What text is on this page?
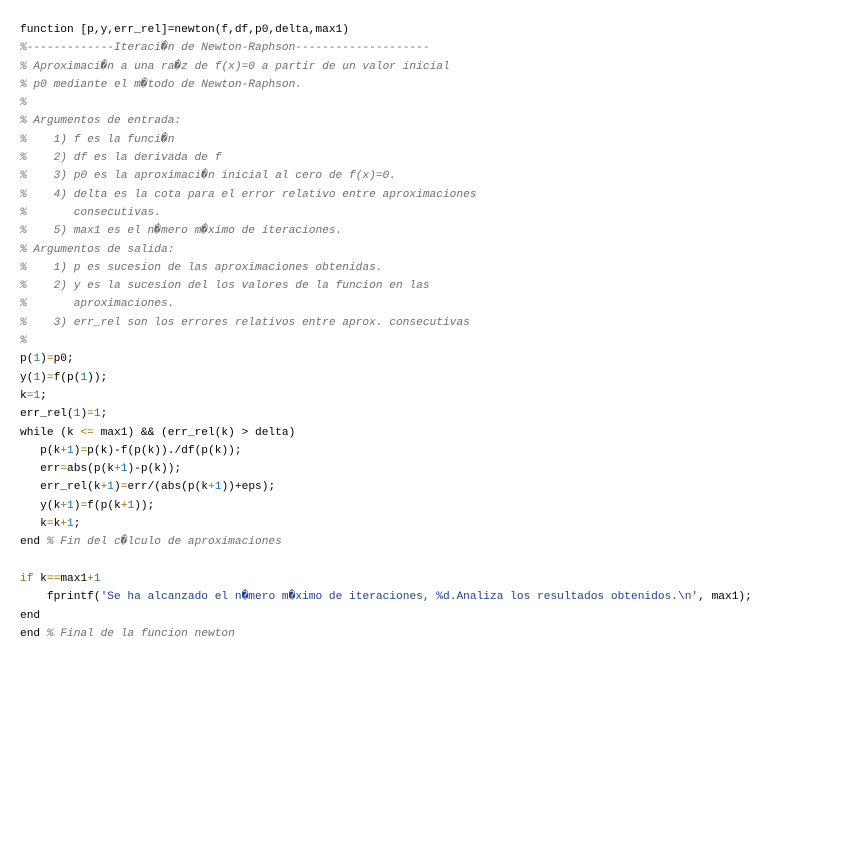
function [p,y,err_rel]=newton(f,df,p0,delta,max1)
%-------------Iteraci�n de Newton-Raphson--------------------
% Aproximaci�n a una ra�z de f(x)=0 a partir de un valor inicial
% p0 mediante el m�todo de Newton-Raphson.
%
% Argumentos de entrada:
%    1) f es la funci�n
%    2) df es la derivada de f
%    3) p0 es la aproximaci�n inicial al cero de f(x)=0.
%    4) delta es la cota para el error relativo entre aproximaciones
%       consecutivas.
%    5) max1 es el n�mero m�ximo de iteraciones.
% Argumentos de salida:
%    1) p es sucesion de las aproximaciones obtenidas.
%    2) y es la sucesion del los valores de la funcion en las
%       aproximaciones.
%    3) err_rel son los errores relativos entre aprox. consecutivas
%
p(1)=p0;
y(1)=f(p(1));
k=1;
err_rel(1)=1;
while (k <= max1) && (err_rel(k) > delta)
p(k+1)=p(k)-f(p(k))./df(p(k));
err=abs(p(k+1)-p(k));
err_rel(k+1)=err/(abs(p(k+1))+eps);
y(k+1)=f(p(k+1));
k=k+1;
end % Fin del c�lculo de aproximaciones
if k==max1+1
fprintf('Se ha alcanzado el n�mero m�ximo de iteraciones, %d.Analiza los resultados obtenidos.\n', max1);
end
end % Final de la funcion newton
